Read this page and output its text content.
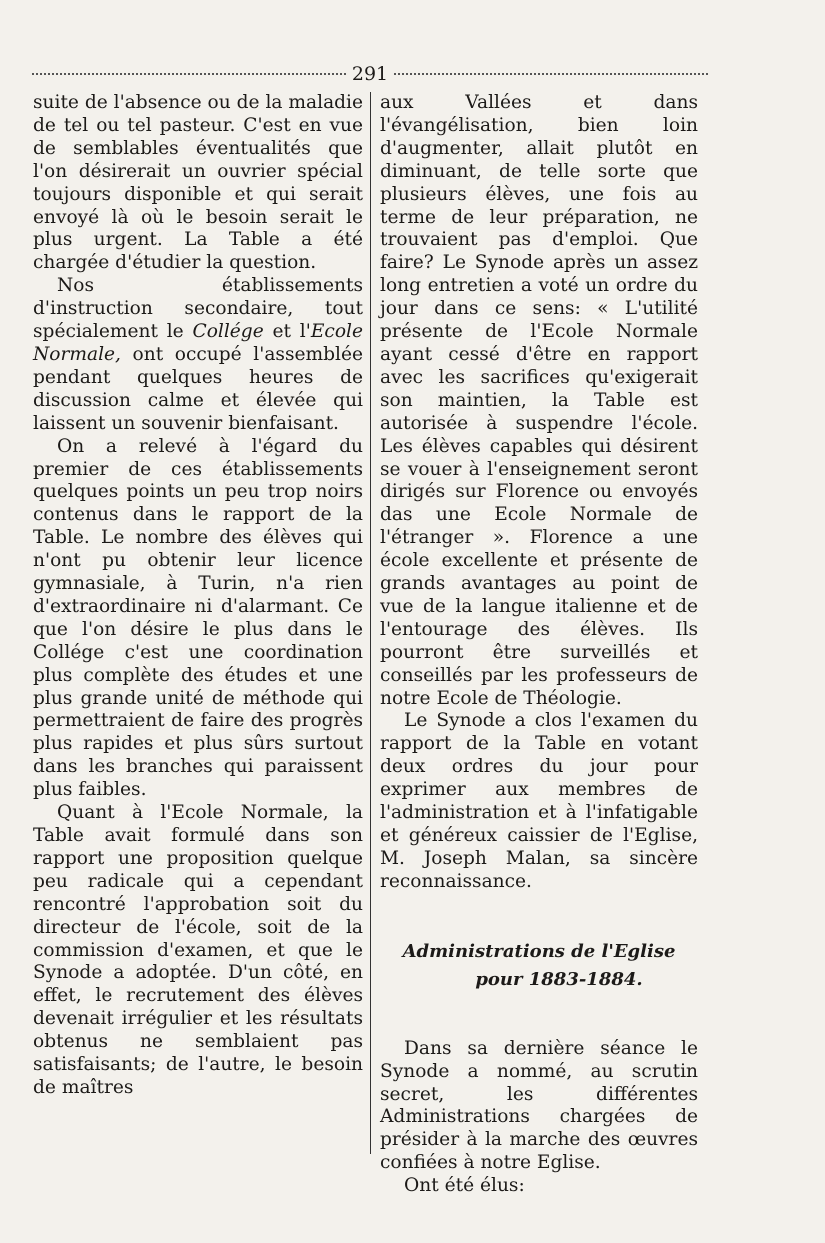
291

suite de l'absence ou de la maladie de tel ou tel pasteur. C'est en vue de semblables éventualités que l'on désirerait un ouvrier spécial toujours disponible et qui serait envoyé là où le besoin serait le plus urgent. La Table a été chargée d'étudier la question.

Nos établissements d'instruction secondaire, tout spécialement le Collége et l'Ecole Normale, ont occupé l'assemblée pendant quelques heures de discussion calme et élevée qui laissent un souvenir bienfaisant.

On a relevé à l'égard du premier de ces établissements quelques points un peu trop noirs contenus dans le rapport de la Table. Le nombre des élèves qui n'ont pu obtenir leur licence gymnasiale, à Turin, n'a rien d'extraordinaire ni d'alarmant. Ce que l'on désire le plus dans le Collége c'est une coordination plus complète des études et une plus grande unité de méthode qui permettraient de faire des progrès plus rapides et plus sûrs surtout dans les branches qui paraissent plus faibles.

Quant à l'Ecole Normale, la Table avait formulé dans son rapport une proposition quelque peu radicale qui a cependant rencontré l'approbation soit du directeur de l'école, soit de la commission d'examen, et que le Synode a adoptée. D'un côté, en effet, le recrutement des élèves devenait irrégulier et les résultats obtenus ne semblaient pas satisfaisants; de l'autre, le besoin de maîtres

aux Vallées et dans l'évangélisation, bien loin d'augmenter, allait plutôt en diminuant, de telle sorte que plusieurs élèves, une fois au terme de leur préparation, ne trouvaient pas d'emploi. Que faire? Le Synode après un assez long entretien a voté un ordre du jour dans ce sens: « L'utilité présente de l'Ecole Normale ayant cessé d'être en rapport avec les sacrifices qu'exigerait son maintien, la Table est autorisée à suspendre l'école. Les élèves capables qui désirent se vouer à l'enseignement seront dirigés sur Florence ou envoyés das une Ecole Normale de l'étranger ». Florence a une école excellente et présente de grands avantages au point de vue de la langue italienne et de l'entourage des élèves. Ils pourront être surveillés et conseillés par les professeurs de notre Ecole de Théologie.

Le Synode a clos l'examen du rapport de la Table en votant deux ordres du jour pour exprimer aux membres de l'administration et à l'infatigable et généreux caissier de l'Eglise, M. Joseph Malan, sa sincère reconnaissance.

Administrations de l'Eglise
pour 1883-1884.

Dans sa dernière séance le Synode a nommé, au scrutin secret, les différentes Administrations chargées de présider à la marche des œuvres confiées à notre Eglise.

Ont été élus:
